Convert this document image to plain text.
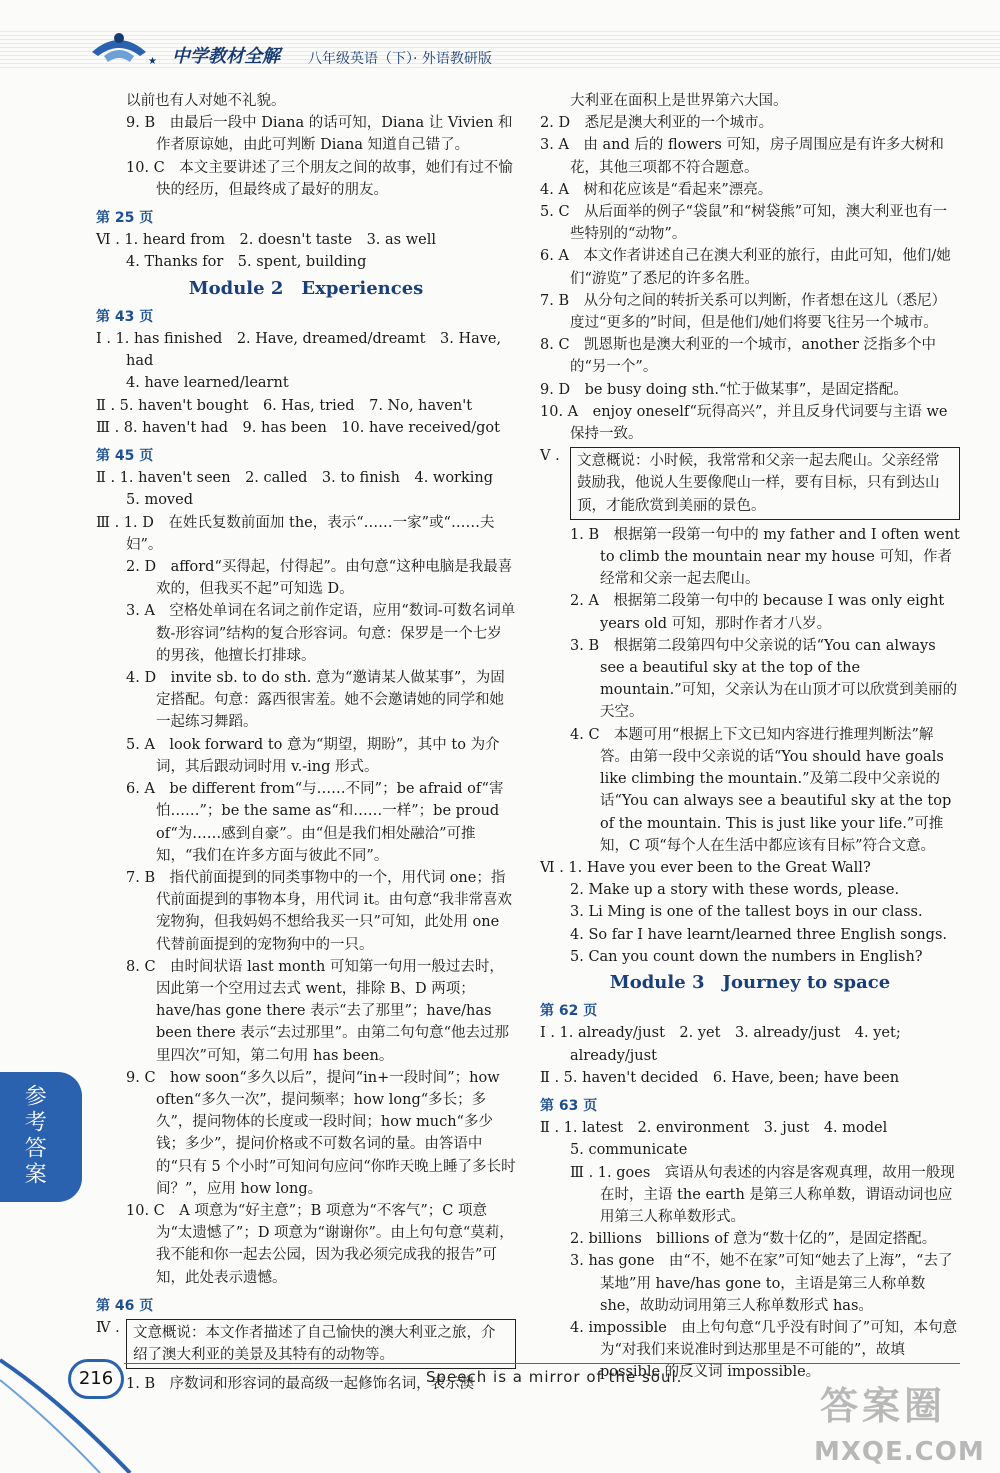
★ 中学教材全解 八年级英语（下）· 外语教研版

以前也有人对她不礼貌。

9. B　由最后一段中 Diana 的话可知，Diana 让 Vivien 和作者原谅她，由此可判断 Diana 知道自己错了。

10. C　本文主要讲述了三个朋友之间的故事，她们有过不愉快的经历，但最终成了最好的朋友。

第 25 页

Ⅵ . 1. heard from　2. doesn't taste　3. as well

4. Thanks for　5. spent, building

Module 2　Experiences

第 43 页

Ⅰ . 1. has finished　2. Have, dreamed/dreamt　3. Have, had

4. have learned/learnt

Ⅱ . 5. haven't bought　6. Has, tried　7. No, haven't

Ⅲ . 8. haven't had　9. has been　10. have received/got

第 45 页

Ⅱ . 1. haven't seen　2. called　3. to finish　4. working

5. moved

Ⅲ . 1. D　在姓氏复数前面加 the，表示“……一家”或“……夫妇”。

2. D　afford“买得起，付得起”。由句意“这种电脑是我最喜欢的，但我买不起”可知选 D。

3. A　空格处单词在名词之前作定语，应用“数词-可数名词单数-形容词”结构的复合形容词。句意：保罗是一个七岁的男孩，他擅长打排球。

4. D　invite sb. to do sth. 意为“邀请某人做某事”，为固定搭配。句意：露西很害羞。她不会邀请她的同学和她一起练习舞蹈。

5. A　look forward to 意为“期望，期盼”，其中 to 为介词，其后跟动词时用 v.-ing 形式。

6. A　be different from“与……不同”；be afraid of“害怕……”；be the same as“和……一样”；be proud of“为……感到自豪”。由“但是我们相处融洽”可推知，“我们在许多方面与彼此不同”。

7. B　指代前面提到的同类事物中的一个，用代词 one；指代前面提到的事物本身，用代词 it。由句意“我非常喜欢宠物狗，但我妈妈不想给我买一只”可知，此处用 one 代替前面提到的宠物狗中的一只。

8. C　由时间状语 last month 可知第一句用一般过去时，因此第一个空用过去式 went，排除 B、D 两项；have/has gone there 表示“去了那里”；have/has been there 表示“去过那里”。由第二句句意“他去过那里四次”可知，第二句用 has been。

9. C　how soon“多久以后”，提问“in+一段时间”；how often“多久一次”，提问频率；how long“多长；多久”，提问物体的长度或一段时间；how much“多少钱；多少”，提问价格或不可数名词的量。由答语中的“只有 5 个小时”可知问句应问“你昨天晚上睡了多长时间？”，应用 how long。

10. C　A 项意为“好主意”；B 项意为“不客气”；C 项意为“太遗憾了”；D 项意为“谢谢你”。由上句句意“莫莉，我不能和你一起去公园，因为我必须完成我的报告”可知，此处表示遗憾。

第 46 页

Ⅳ . 文意概说：本文作者描述了自己愉快的澳大利亚之旅，介绍了澳大利亚的美景及其特有的动物等。

1. B　序数词和形容词的最高级一起修饰名词，表示澳

大利亚在面积上是世界第六大国。

2. D　悉尼是澳大利亚的一个城市。

3. A　由 and 后的 flowers 可知，房子周围应是有许多大树和花，其他三项都不符合题意。

4. A　树和花应该是“看起来”漂亮。

5. C　从后面举的例子“袋鼠”和“树袋熊”可知，澳大利亚也有一些特别的“动物”。

6. A　本文作者讲述自己在澳大利亚的旅行，由此可知，他们/她们“游览”了悉尼的许多名胜。

7. B　从分句之间的转折关系可以判断，作者想在这儿（悉尼）度过“更多的”时间，但是他们/她们将要飞往另一个城市。

8. C　凯恩斯也是澳大利亚的一个城市，another 泛指多个中的“另一个”。

9. D　be busy doing sth.“忙于做某事”，是固定搭配。

10. A　enjoy oneself“玩得高兴”，并且反身代词要与主语 we 保持一致。

Ⅴ .	文意概说：小时候，我常常和父亲一起去爬山。父亲经常鼓励我，他说人生要像爬山一样，要有目标，只有到达山顶，才能欣赏到美丽的景色。

1. B　根据第一段第一句中的 my father and I often went to climb the mountain near my house 可知，作者经常和父亲一起去爬山。

2. A　根据第二段第一句中的 because I was only eight years old 可知，那时作者才八岁。

3. B　根据第二段第四句中父亲说的话“You can always see a beautiful sky at the top of the mountain.”可知，父亲认为在山顶才可以欣赏到美丽的天空。

4. C　本题可用“根据上下文已知内容进行推理判断法”解答。由第一段中父亲说的话“You should have goals like climbing the mountain.”及第二段中父亲说的话“You can always see a beautiful sky at the top of the mountain. This is just like your life.”可推知，C 项“每个人在生活中都应该有目标”符合文意。

Ⅵ . 1. Have you ever been to the Great Wall?

2. Make up a story with these words, please.

3. Li Ming is one of the tallest boys in our class.

4. So far I have learnt/learned three English songs.

5. Can you count down the numbers in English?

Module 3　Journey to space

第 62 页

Ⅰ . 1. already/just　2. yet　3. already/just　4. yet; already/just

Ⅱ . 5. haven't decided　6. Have, been; have been

第 63 页

Ⅱ . 1. latest　2. environment　3. just　4. model

5. communicate

Ⅲ . 1. goes　宾语从句表述的内容是客观真理，故用一般现在时，主语 the earth 是第三人称单数，谓语动词也应用第三人称单数形式。

2. billions　billions of 意为“数十亿的”，是固定搭配。

3. has gone　由“不，她不在家”可知“她去了上海”，“去了某地”用 have/has gone to，主语是第三人称单数 she，故助动词用第三人称单数形式 has。

4. impossible　由上句句意“几乎没有时间了”可知，本句意为“对我们来说准时到达那里是不可能的”，故填 possible 的反义词 impossible。

参考答案
216	Speech is a mirror of the soul.
答案圈
MXQE.COM
